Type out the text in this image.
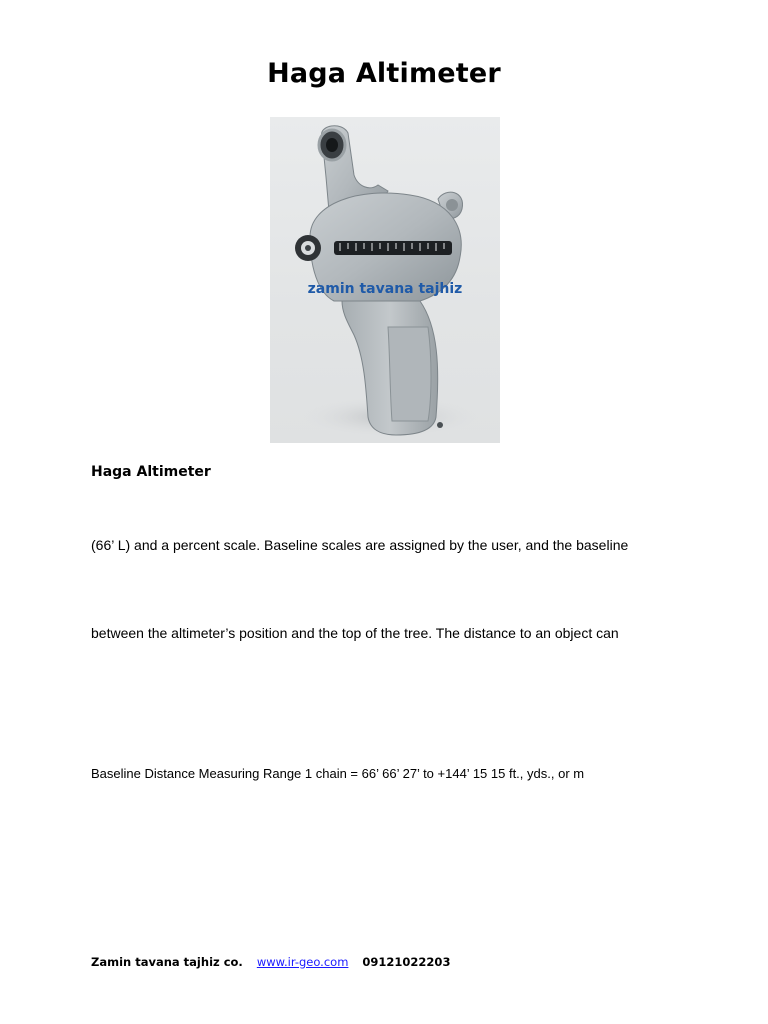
Haga Altimeter
zamin tavana tajhiz
Haga Altimeter
(66’ L) and a percent scale. Baseline scales are assigned by the user, and the baseline
between the altimeter’s position and the top of the tree. The distance to an object can
Baseline Distance Measuring Range 1 chain = 66’ 66’ 27’ to +144’ 15 15 ft., yds., or m
Zamin tavana tajhiz co. www.ir-geo.com 09121022203
